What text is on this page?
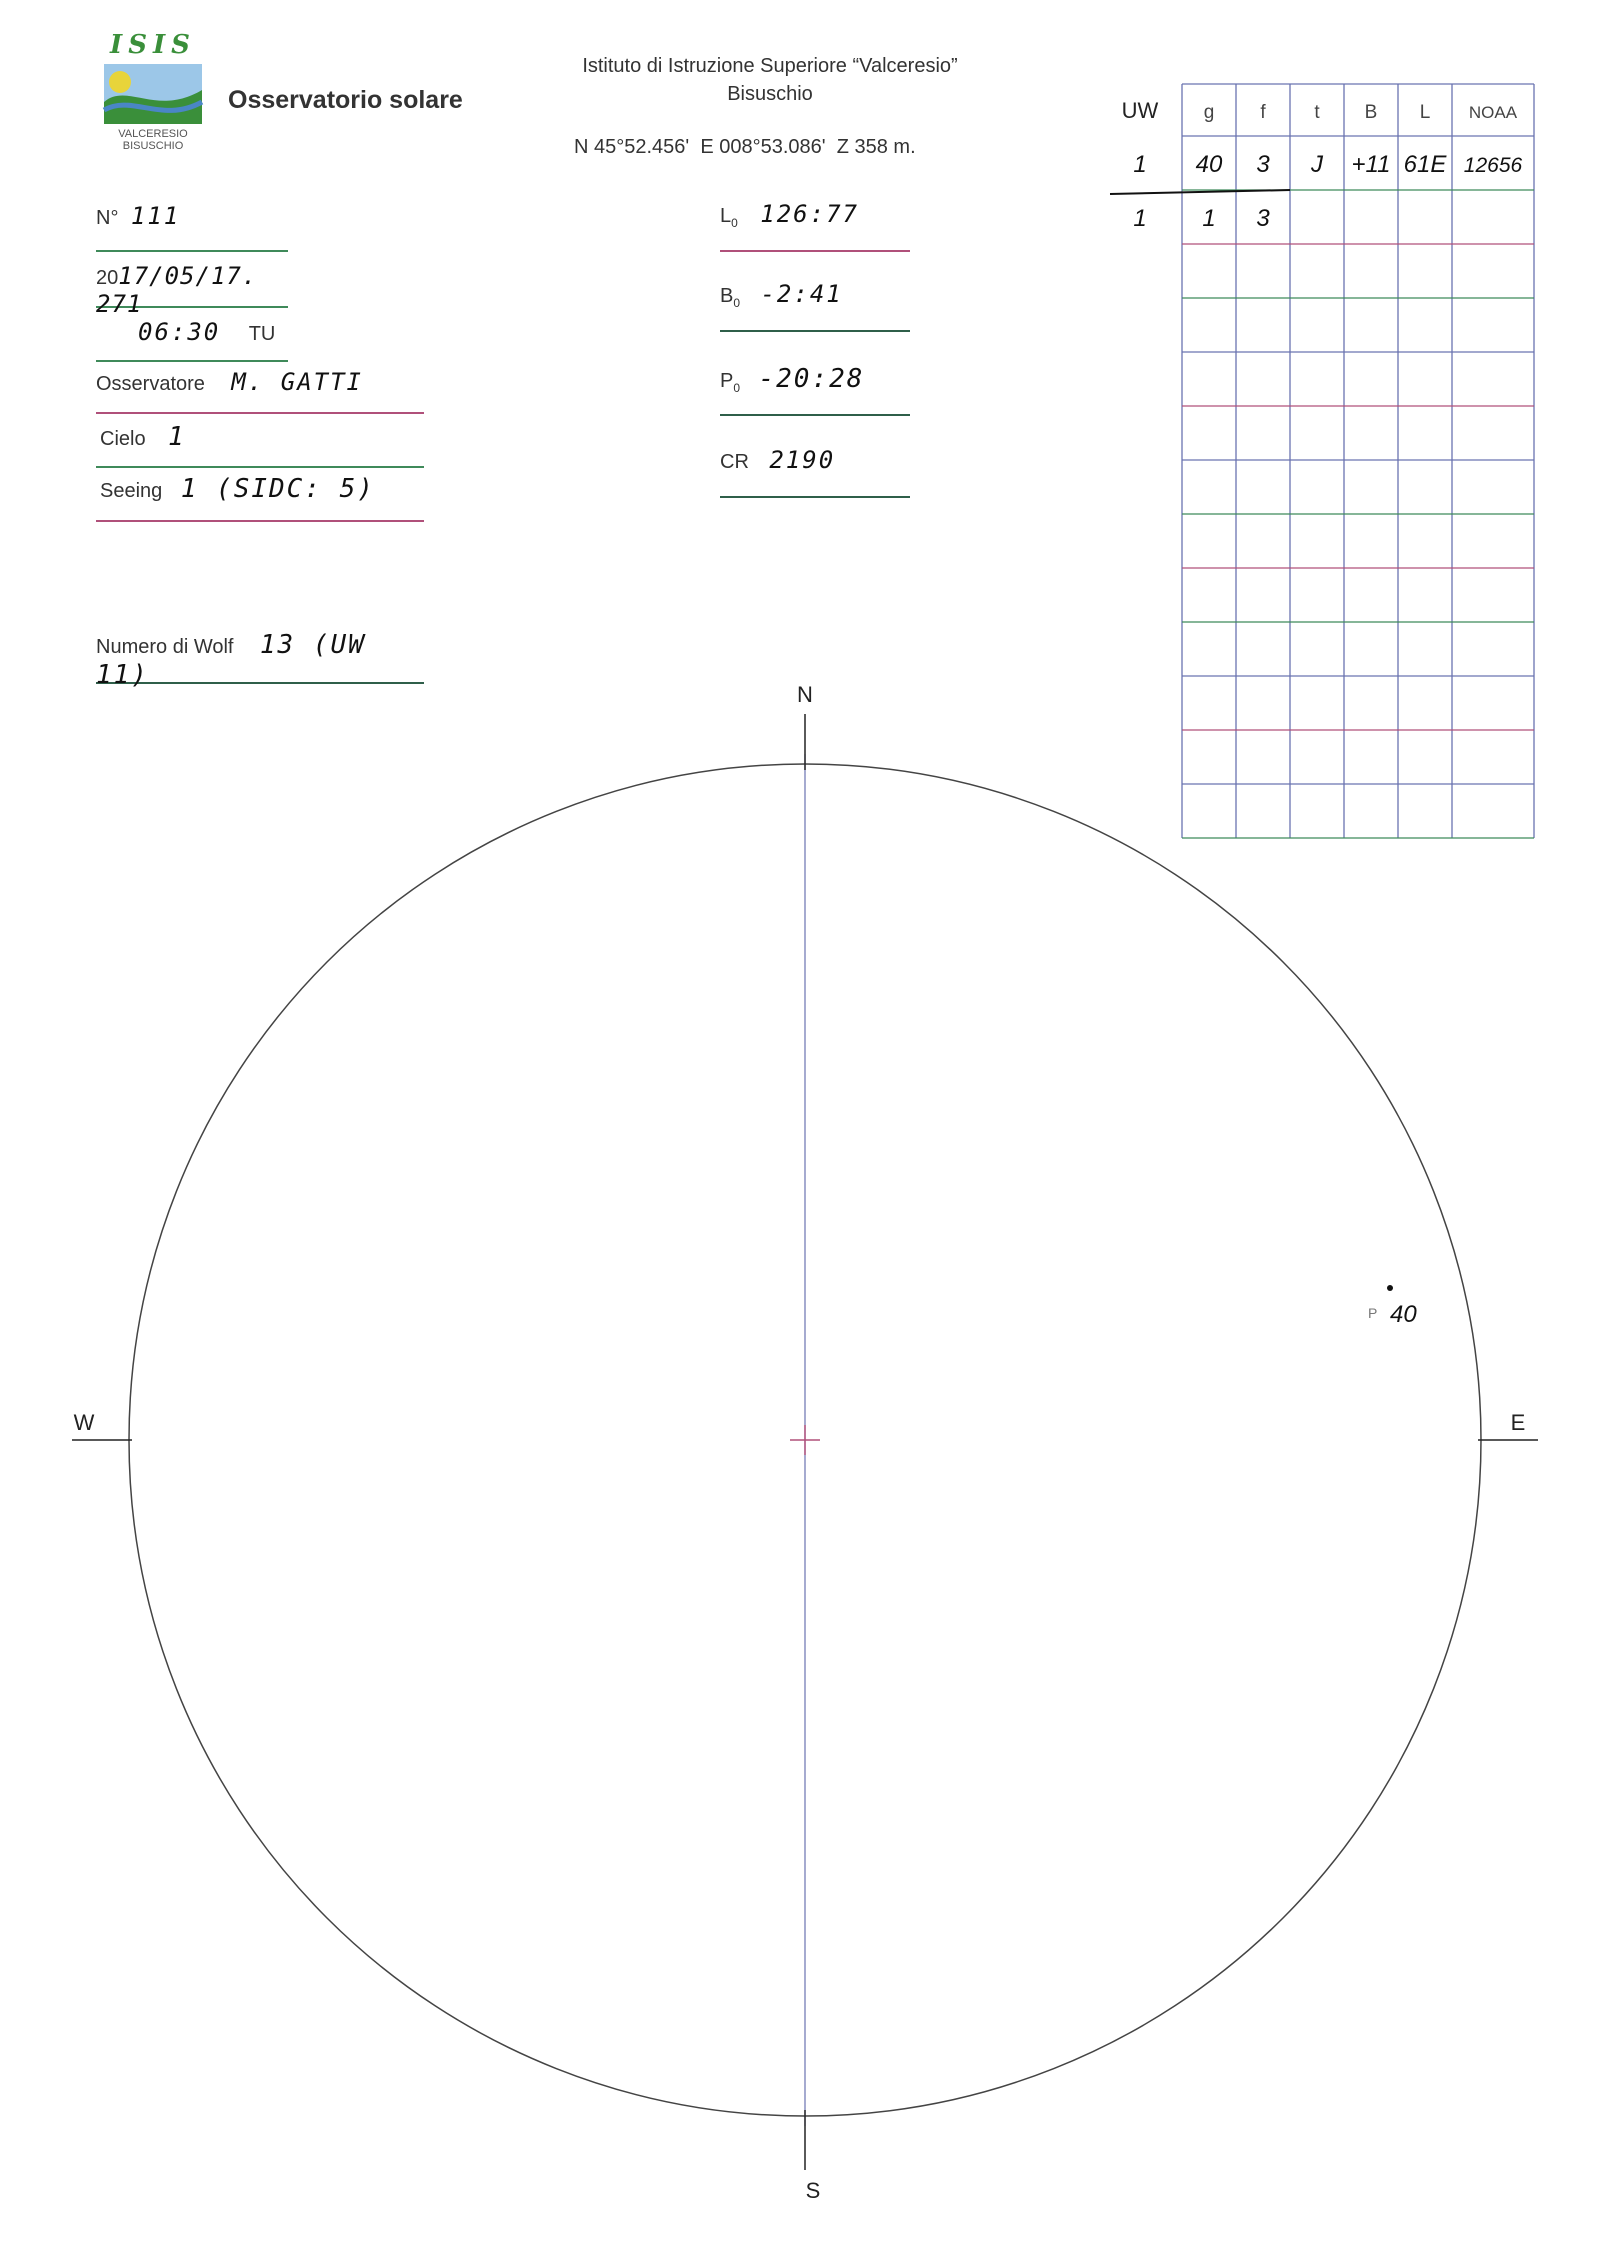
ISIS
VALCERESIO
BISUSCHIO
Osservatorio solare
Istituto di Istruzione Superiore “Valceresio”
Bisuschio
N 45°52.456'  E 008°53.086'  Z 358 m.
N° 111
2017/05/17. 271
06:30 TU
Osservatore M. GATTI
Cielo 1
Seeing 1 (SIDC: 5)
Numero di Wolf 13 (UW 11)
$L_0$ 126:77
$B_0$ -2:41
$P_0$ -20:28
CR 2190
UW g f	t B L NOAA
1 40 3 J +11 61E 12656
1 1 3
N
S
W	E
P 40
